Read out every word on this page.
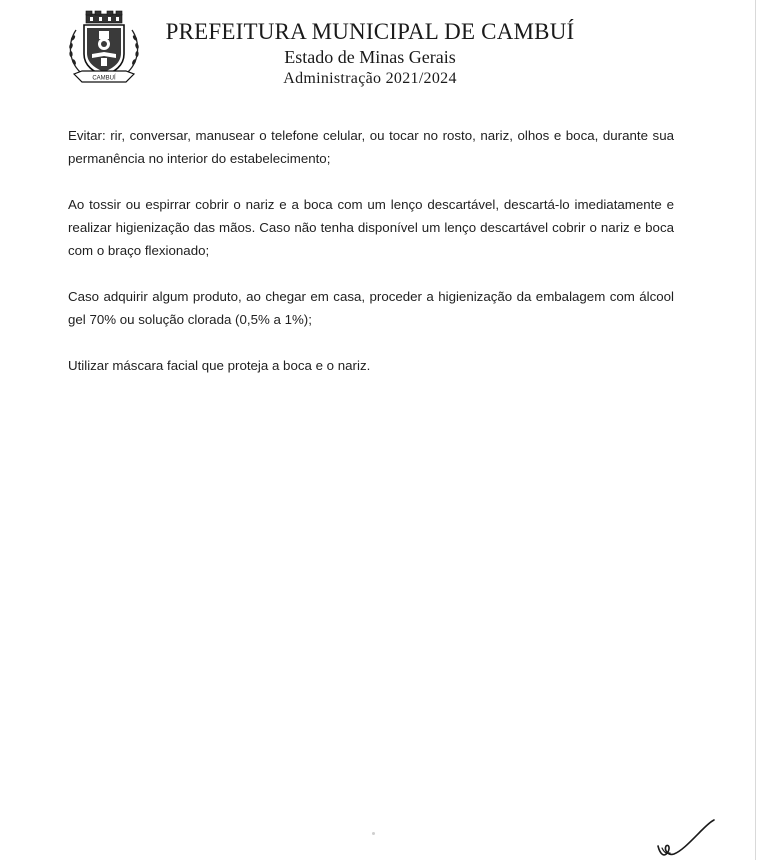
CAMBUÍ
PREFEITURA MUNICIPAL DE CAMBUÍ
Estado de Minas Gerais
Administração 2021/2024

Evitar: rir, conversar, manusear o telefone celular, ou tocar no rosto, nariz, olhos e boca, durante sua permanência no interior do estabelecimento;

Ao tossir ou espirrar cobrir o nariz e a boca com um lenço descartável, descartá-lo imediatamente e realizar higienização das mãos. Caso não tenha disponível um lenço descartável cobrir o nariz e boca com o braço flexionado;

Caso adquirir algum produto, ao chegar em casa, proceder a higienização da embalagem com álcool gel 70% ou solução clorada (0,5% a 1%);

Utilizar máscara facial que proteja a boca e o nariz.
